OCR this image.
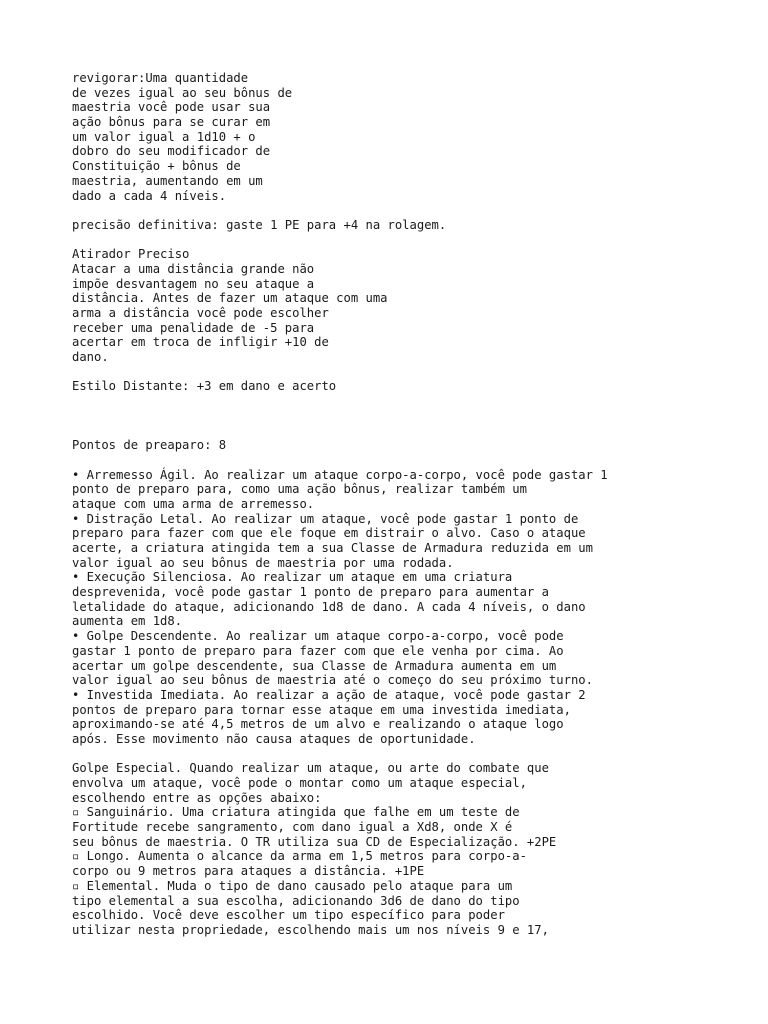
revigorar:Uma quantidade
de vezes igual ao seu bônus de
maestria você pode usar sua
ação bônus para se curar em
um valor igual a 1d10 + o
dobro do seu modificador de
Constituição + bônus de
maestria, aumentando em um
dado a cada 4 níveis.
precisão definitiva: gaste 1 PE para +4 na rolagem.
Atirador Preciso
Atacar a uma distância grande não
impõe desvantagem no seu ataque a
distância. Antes de fazer um ataque com uma
arma a distância você pode escolher
receber uma penalidade de -5 para
acertar em troca de infligir +10 de
dano.
Estilo Distante: +3 em dano e acerto
Pontos de preaparo: 8
• Arremesso Ágil. Ao realizar um ataque corpo-a-corpo, você pode gastar 1
ponto de preparo para, como uma ação bônus, realizar também um
ataque com uma arma de arremesso.
• Distração Letal. Ao realizar um ataque, você pode gastar 1 ponto de
preparo para fazer com que ele foque em distrair o alvo. Caso o ataque
acerte, a criatura atingida tem a sua Classe de Armadura reduzida em um
valor igual ao seu bônus de maestria por uma rodada.
• Execução Silenciosa. Ao realizar um ataque em uma criatura
desprevenida, você pode gastar 1 ponto de preparo para aumentar a
letalidade do ataque, adicionando 1d8 de dano. A cada 4 níveis, o dano
aumenta em 1d8.
• Golpe Descendente. Ao realizar um ataque corpo-a-corpo, você pode
gastar 1 ponto de preparo para fazer com que ele venha por cima. Ao
acertar um golpe descendente, sua Classe de Armadura aumenta em um
valor igual ao seu bônus de maestria até o começo do seu próximo turno.
• Investida Imediata. Ao realizar a ação de ataque, você pode gastar 2
pontos de preparo para tornar esse ataque em uma investida imediata,
aproximando-se até 4,5 metros de um alvo e realizando o ataque logo
após. Esse movimento não causa ataques de oportunidade.
Golpe Especial. Quando realizar um ataque, ou arte do combate que
envolva um ataque, você pode o montar como um ataque especial,
escolhendo entre as opções abaixo:
▫ Sanguinário. Uma criatura atingida que falhe em um teste de
Fortitude recebe sangramento, com dano igual a Xd8, onde X é
seu bônus de maestria. O TR utiliza sua CD de Especialização. +2PE
▫ Longo. Aumenta o alcance da arma em 1,5 metros para corpo-a-
corpo ou 9 metros para ataques a distância. +1PE
▫ Elemental. Muda o tipo de dano causado pelo ataque para um
tipo elemental a sua escolha, adicionando 3d6 de dano do tipo
escolhido. Você deve escolher um tipo específico para poder
utilizar nesta propriedade, escolhendo mais um nos níveis 9 e 17,
